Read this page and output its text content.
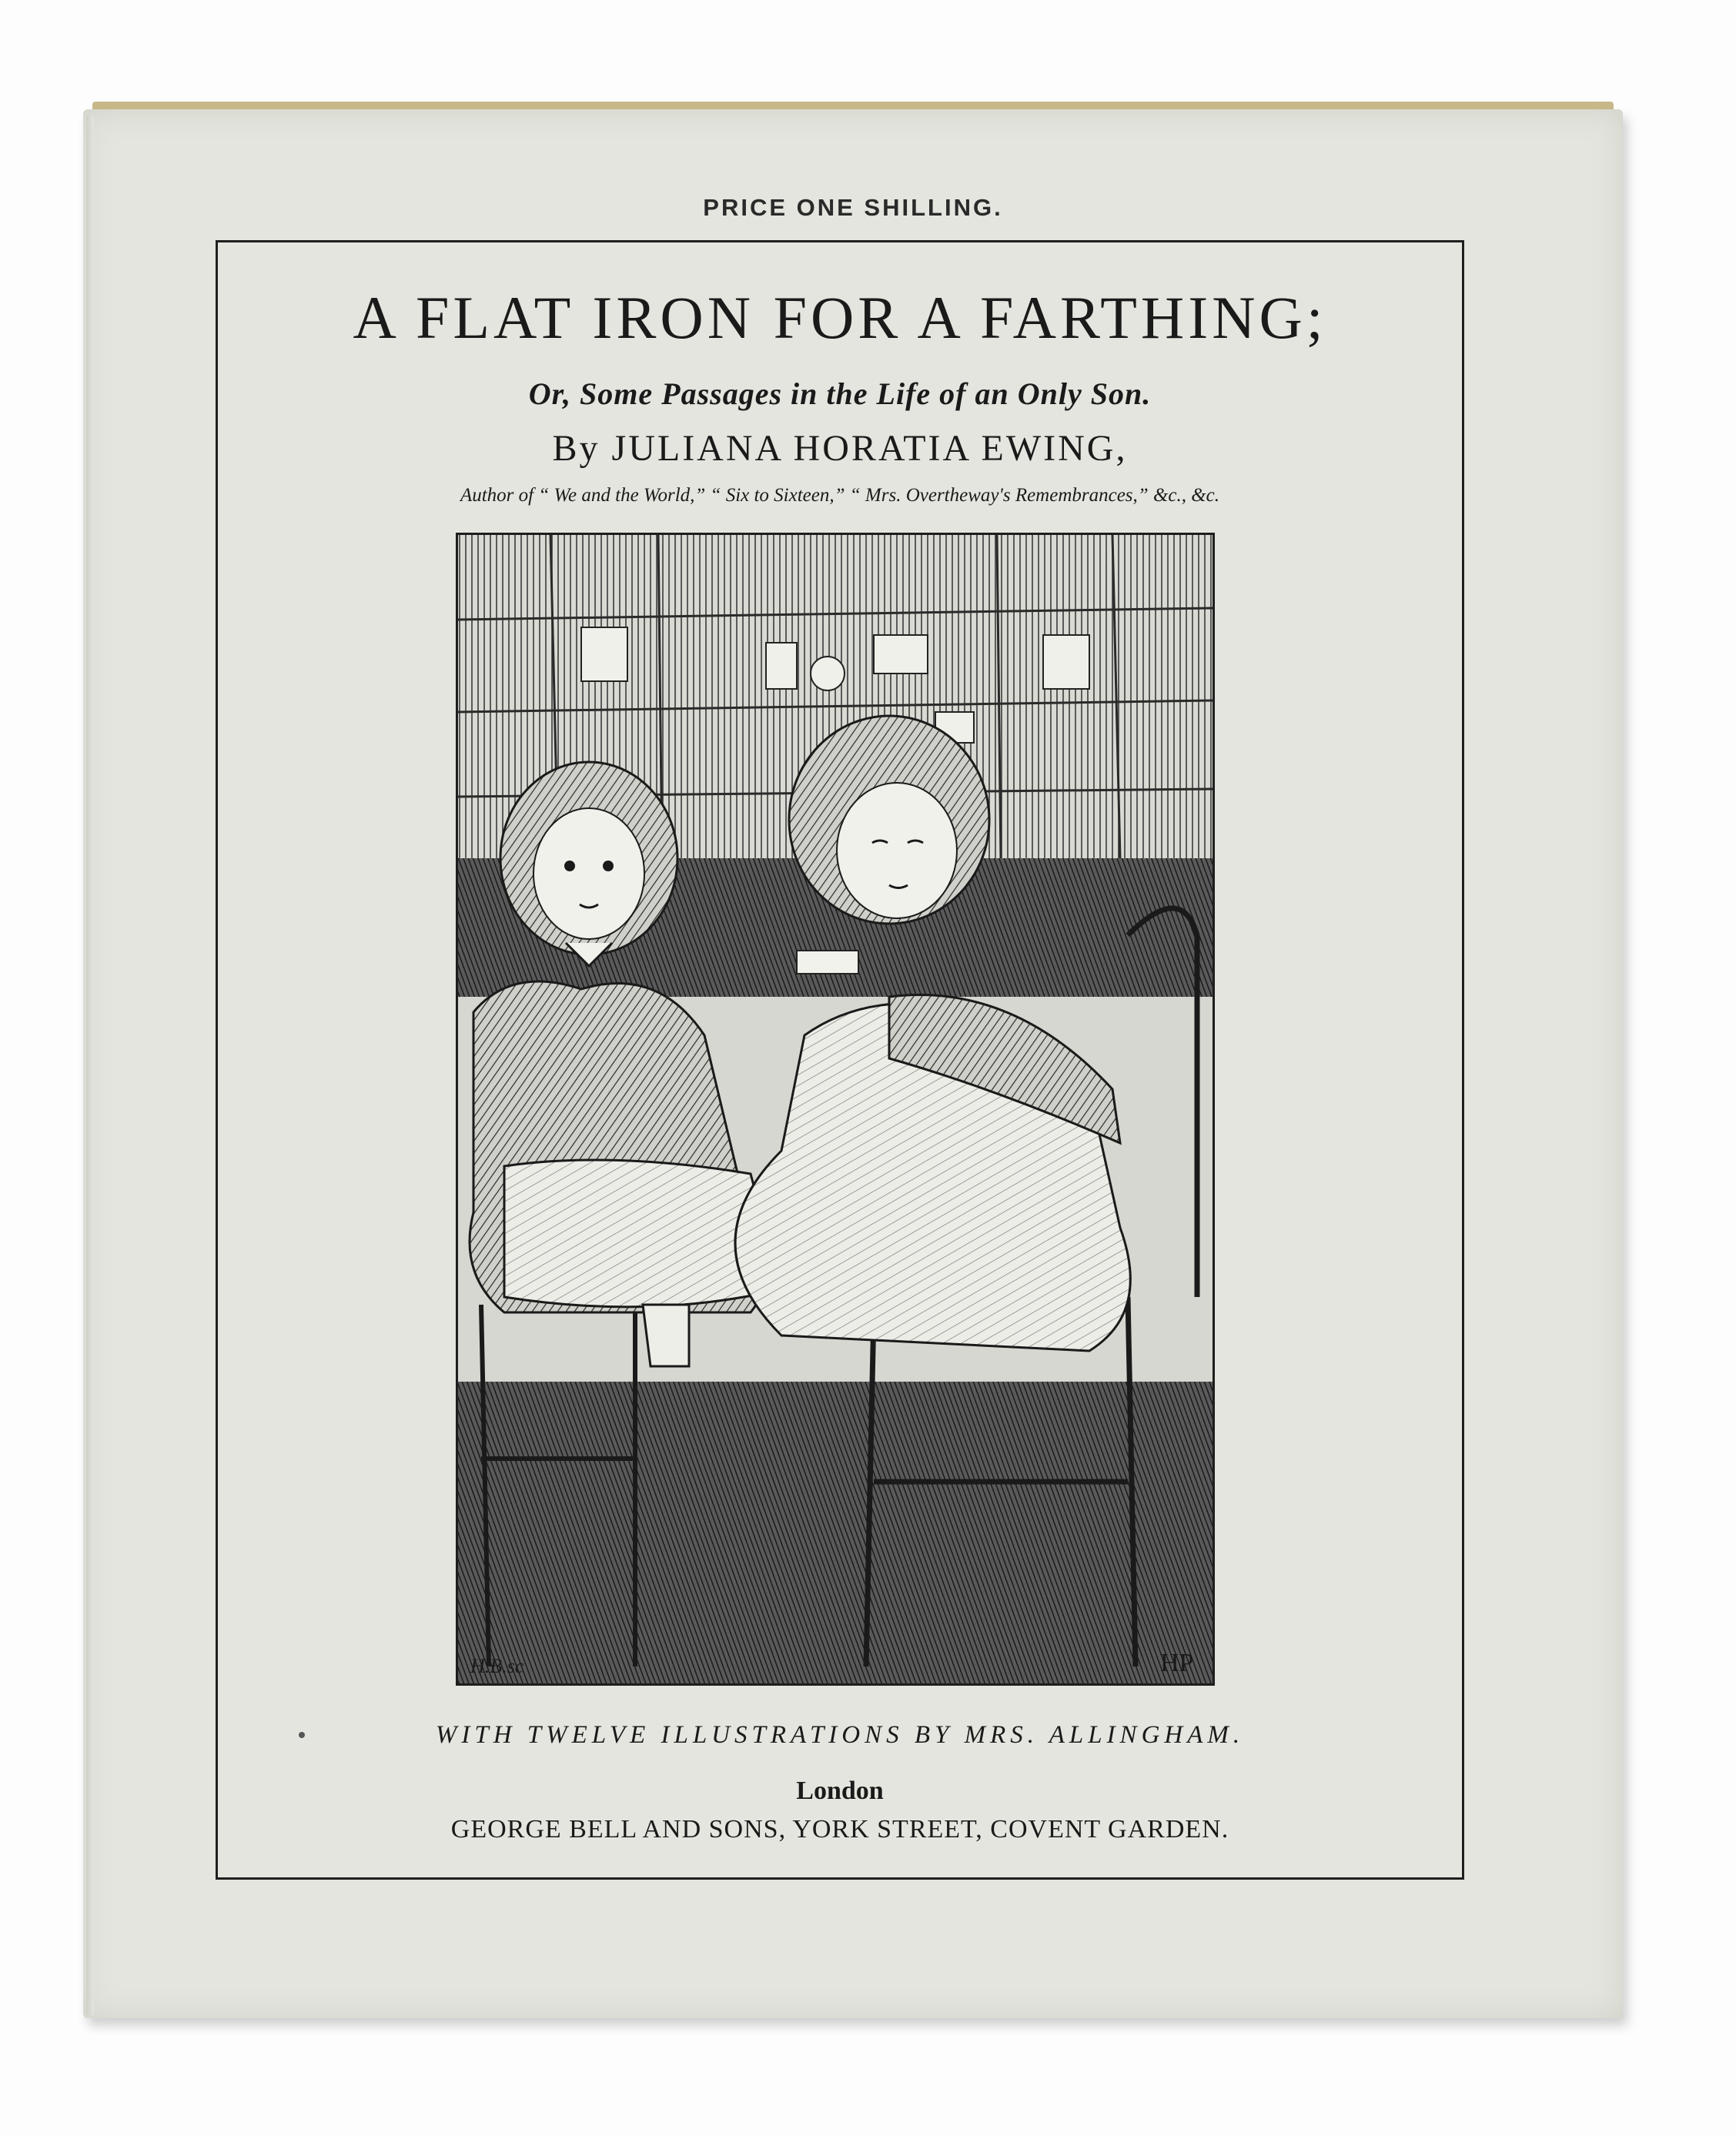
PRICE ONE SHILLING.
A FLAT IRON FOR A FARTHING;
Or, Some Passages in the Life of an Only Son.
By JULIANA HORATIA EWING,
Author of “ We and the World,” “ Six to Sixteen,” “ Mrs. Overtheway's Remembrances,” &c., &c.
H.B.sc	HP
WITH TWELVE ILLUSTRATIONS BY MRS. ALLINGHAM.
London
GEORGE BELL AND SONS, YORK STREET, COVENT GARDEN.
